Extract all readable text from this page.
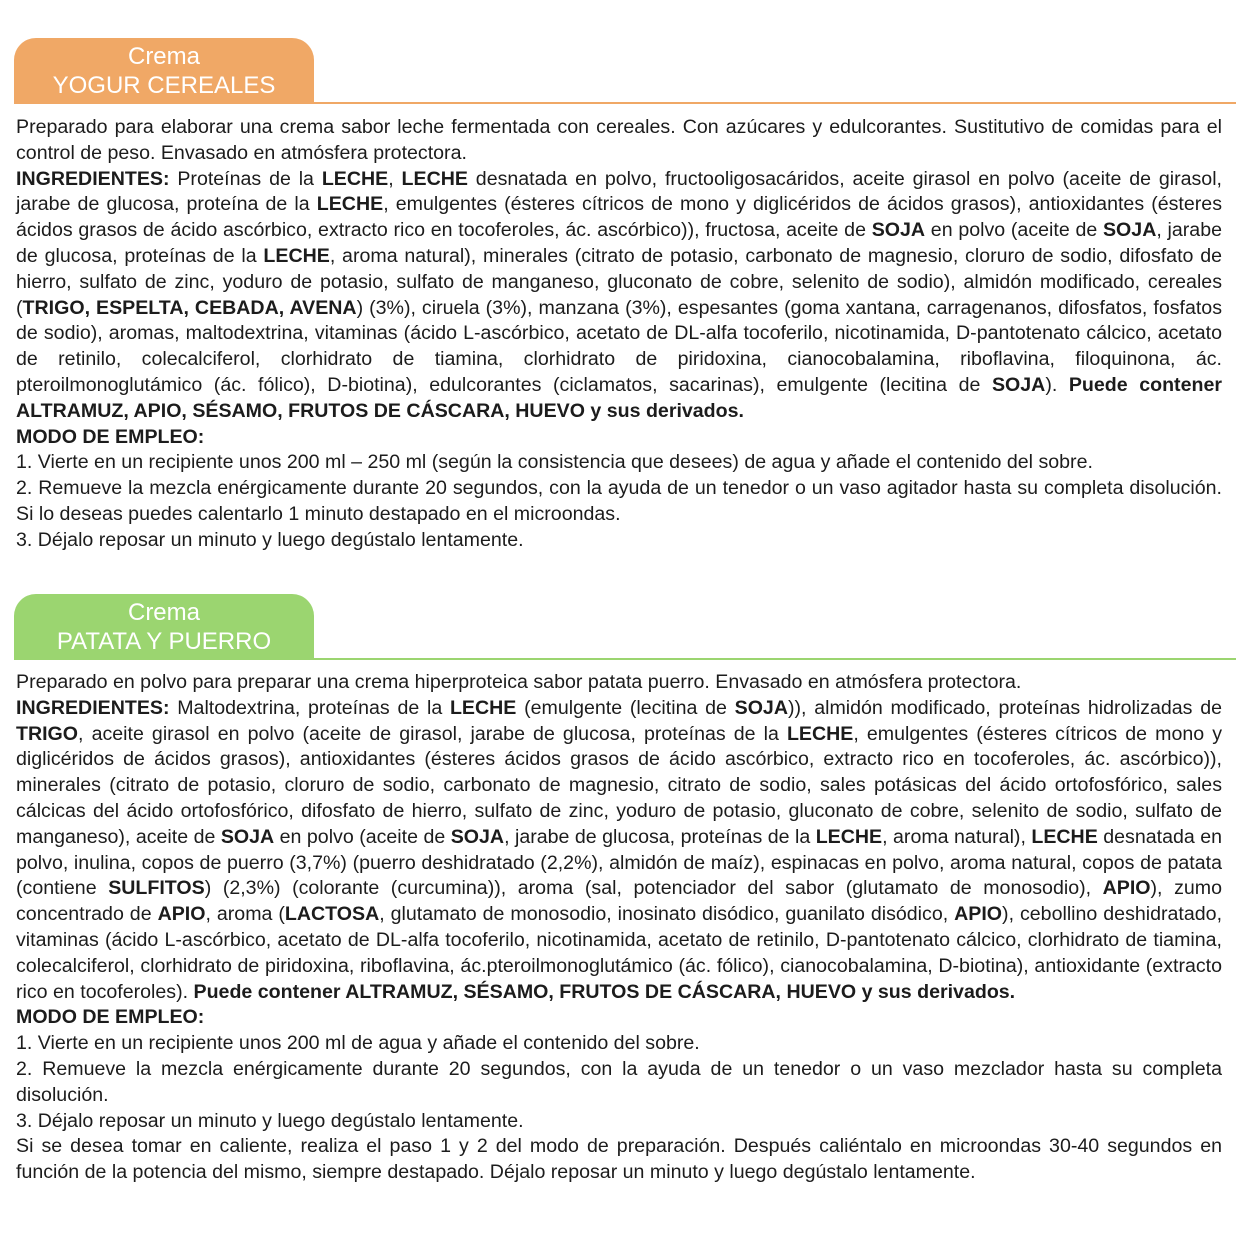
Crema
YOGUR CEREALES

Preparado para elaborar una crema sabor leche fermentada con cereales. Con azúcares y edulcorantes. Sustitutivo de comidas para el control de peso. Envasado en atmósfera protectora.

INGREDIENTES: Proteínas de la LECHE, LECHE desnatada en polvo, fructooligosacáridos, aceite girasol en polvo (aceite de girasol, jarabe de glucosa, proteína de la LECHE, emulgentes (ésteres cítricos de mono y diglicéridos de ácidos grasos), antioxidantes (ésteres ácidos grasos de ácido ascórbico, extracto rico en tocoferoles, ác. ascórbico)), fructosa, aceite de SOJA en polvo (aceite de SOJA, jarabe de glucosa, proteínas de la LECHE, aroma natural), minerales (citrato de potasio, carbonato de magnesio, cloruro de sodio, difosfato de hierro, sulfato de zinc, yoduro de potasio, sulfato de manganeso, gluconato de cobre, selenito de sodio), almidón modificado, cereales (TRIGO, ESPELTA, CEBADA, AVENA) (3%), ciruela (3%), manzana (3%), espesantes (goma xantana, carragenanos, difosfatos, fosfatos de sodio), aromas, maltodextrina, vitaminas (ácido L-ascórbico, acetato de DL-alfa tocoferilo, nicotinamida, D-pantotenato cálcico, acetato de retinilo, colecalciferol, clorhidrato de tiamina, clorhidrato de piridoxina, cianocobalamina, riboflavina, filoquinona, ác. pteroilmonoglutámico (ác. fólico), D-biotina), edulcorantes (ciclamatos, sacarinas), emulgente (lecitina de SOJA). Puede contener ALTRAMUZ, APIO, SÉSAMO, FRUTOS DE CÁSCARA, HUEVO y sus derivados.

MODO DE EMPLEO:

1. Vierte en un recipiente unos 200 ml – 250 ml (según la consistencia que desees) de agua y añade el contenido del sobre.

2. Remueve la mezcla enérgicamente durante 20 segundos, con la ayuda de un tenedor o un vaso agitador hasta su completa disolución. Si lo deseas puedes calentarlo 1 minuto destapado en el microondas.

3. Déjalo reposar un minuto y luego degústalo lentamente.

Crema
PATATA Y PUERRO

Preparado en polvo para preparar una crema hiperproteica sabor patata puerro. Envasado en atmósfera protectora.

INGREDIENTES: Maltodextrina, proteínas de la LECHE (emulgente (lecitina de SOJA)), almidón modificado, proteínas hidrolizadas de TRIGO, aceite girasol en polvo (aceite de girasol, jarabe de glucosa, proteínas de la LECHE, emulgentes (ésteres cítricos de mono y diglicéridos de ácidos grasos), antioxidantes (ésteres ácidos grasos de ácido ascórbico, extracto rico en tocoferoles, ác. ascórbico)), minerales (citrato de potasio, cloruro de sodio, carbonato de magnesio, citrato de sodio, sales potásicas del ácido ortofosfórico, sales cálcicas del ácido ortofosfórico, difosfato de hierro, sulfato de zinc, yoduro de potasio, gluconato de cobre, selenito de sodio, sulfato de manganeso), aceite de SOJA en polvo (aceite de SOJA, jarabe de glucosa, proteínas de la LECHE, aroma natural), LECHE desnatada en polvo, inulina, copos de puerro (3,7%) (puerro deshidratado (2,2%), almidón de maíz), espinacas en polvo, aroma natural, copos de patata (contiene SULFITOS) (2,3%) (colorante (curcumina)), aroma (sal, potenciador del sabor (glutamato de monosodio), APIO), zumo concentrado de APIO, aroma (LACTOSA, glutamato de monosodio, inosinato disódico, guanilato disódico, APIO), cebollino deshidratado, vitaminas (ácido L-ascórbico, acetato de DL-alfa tocoferilo, nicotinamida, acetato de retinilo, D-pantotenato cálcico, clorhidrato de tiamina, colecalciferol, clorhidrato de piridoxina, riboflavina, ác.pteroilmonoglutámico (ác. fólico), cianocobalamina, D-biotina), antioxidante (extracto rico en tocoferoles). Puede contener ALTRAMUZ, SÉSAMO, FRUTOS DE CÁSCARA, HUEVO y sus derivados.

MODO DE EMPLEO:

1. Vierte en un recipiente unos 200 ml de agua y añade el contenido del sobre.

2. Remueve la mezcla enérgicamente durante 20 segundos, con la ayuda de un tenedor o un vaso mezclador hasta su completa disolución.

3. Déjalo reposar un minuto y luego degústalo lentamente.

Si se desea tomar en caliente, realiza el paso 1 y 2 del modo de preparación. Después caliéntalo en microondas 30-40 segundos en función de la potencia del mismo, siempre destapado. Déjalo reposar un minuto y luego degústalo lentamente.
